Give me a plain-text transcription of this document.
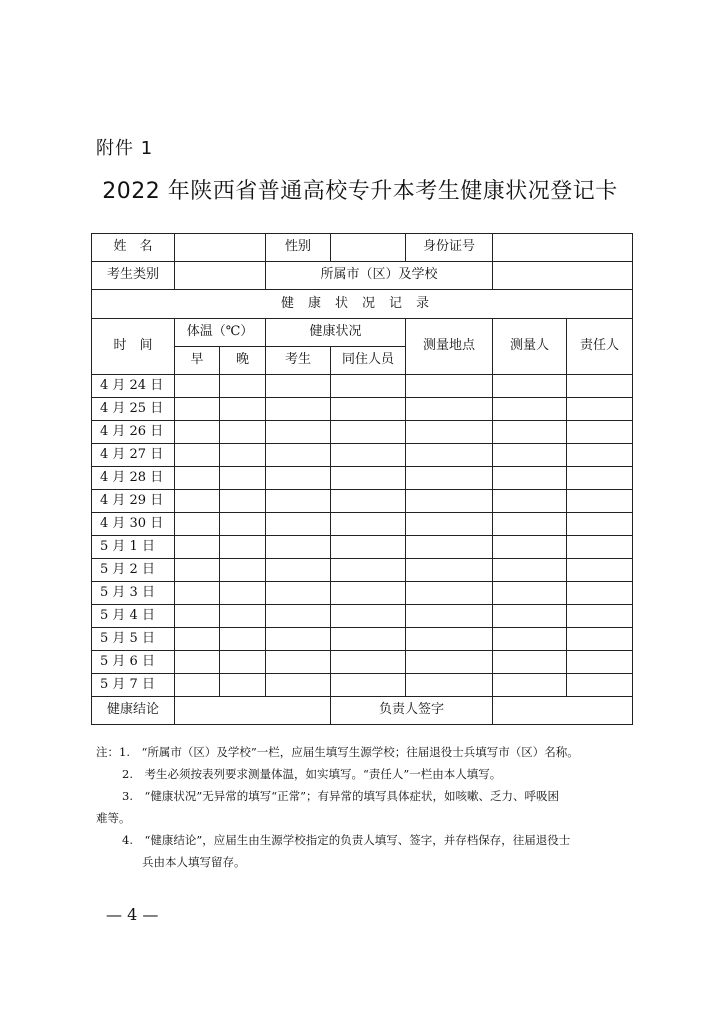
附件 1
2022 年陕西省普通高校专升本考生健康状况登记卡
姓　名			性别		身份证号		
考生类别			所属市（区）及学校				
健康状况记录							
时　间	体温（℃）		健康状况		测量地点	测量人	责任人
	早	晚	考生	同住人员			
4 月 24 日							
4 月 25 日							
4 月 26 日							
4 月 27 日							
4 月 28 日							
4 月 29 日							
4 月 30 日							
5 月 1 日							
5 月 2 日							
5 月 3 日							
5 月 4 日							
5 月 5 日							
5 月 6 日							
5 月 7 日							
健康结论				负责人签字			
注：1.　“所属市（区）及学校”一栏，应届生填写生源学校；往届退役士兵填写市（区）名称。
2.　考生必须按表列要求测量体温，如实填写。“责任人”一栏由本人填写。
3.　“健康状况”无异常的填写“正常”；有异常的填写具体症状，如咳嗽、乏力、呼吸困
难等。
4.　“健康结论”，应届生由生源学校指定的负责人填写、签字，并存档保存，往届退役士
兵由本人填写留存。
— 4 —
